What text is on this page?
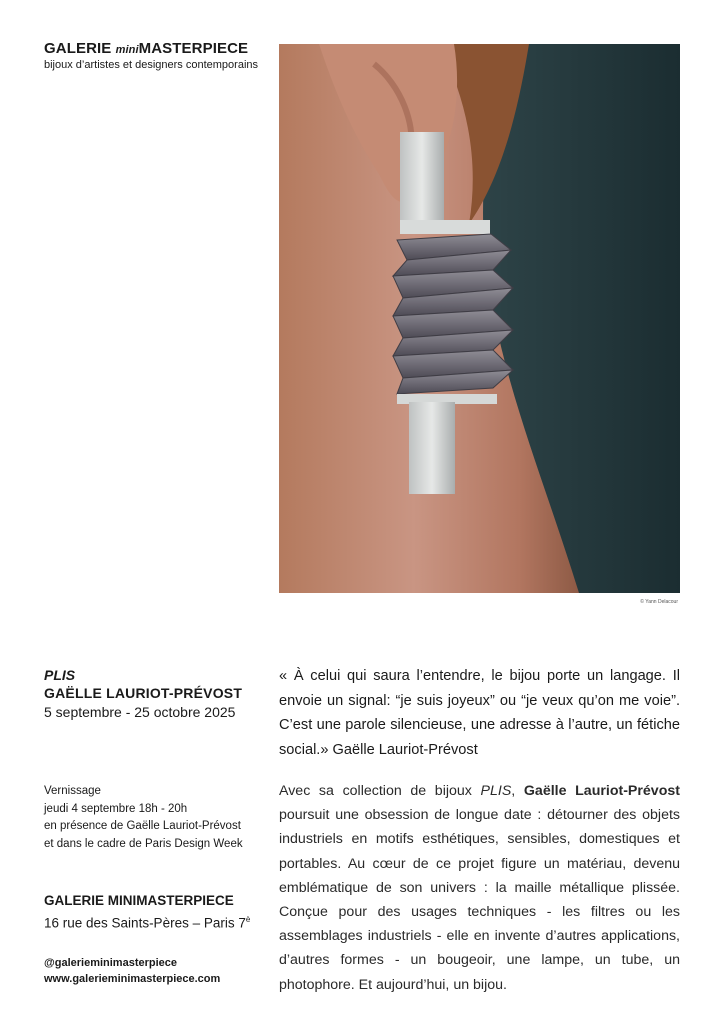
GALERIE miniMASTERPIECE
bijoux d’artistes et designers contemporains
© Yann Delacour
PLIS
GAËLLE LAURIOT-PRÉVOST
5 septembre - 25 octobre 2025
Vernissage
jeudi 4 septembre 18h - 20h
en présence de Gaëlle Lauriot-Prévost
et dans le cadre de Paris Design Week
GALERIE MINIMASTERPIECE
16 rue des Saints-Pères – Paris $7^è$
@galerieminimasterpiece
www.galerieminimasterpiece.com
« À celui qui saura l’entendre, le bijou porte un langage. Il envoie un signal: “je suis joyeux” ou “je veux qu’on me voie”. C’est une parole silencieuse, une adresse à l’autre, un fétiche social.» Gaëlle Lauriot-Prévost
Avec sa collection de bijoux PLIS, Gaëlle Lauriot-Prévost poursuit une obsession de longue date : détourner des objets industriels en motifs esthétiques, sensibles, domestiques et portables. Au cœur de ce projet figure un matériau, devenu emblématique de son univers : la maille métallique plissée. Conçue pour des usages techniques - les filtres ou les assemblages industriels - elle en invente d’autres applications, d’autres formes - un bougeoir, une lampe, un tube, un photophore. Et aujourd’hui, un bijou.
